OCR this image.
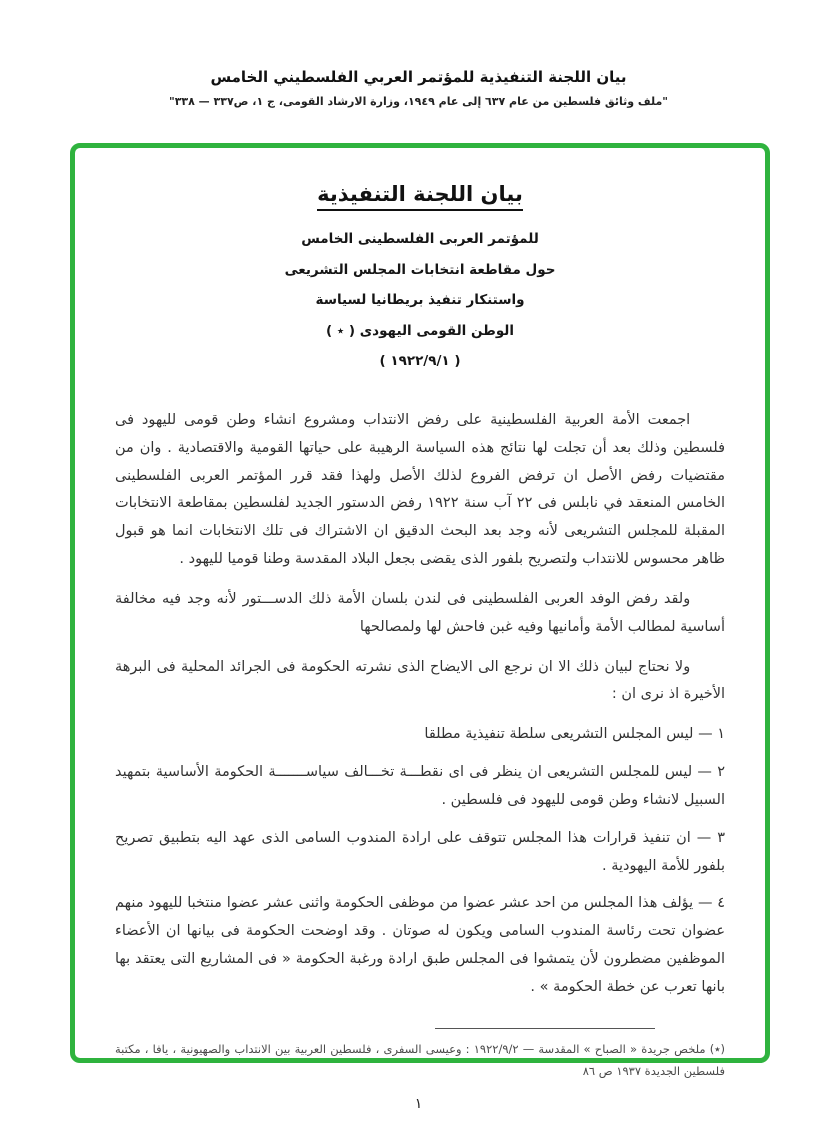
بيان اللجنة التنفيذية للمؤتمر العربي الفلسطيني الخامس
"ملف وثائق فلسطين من عام ٦٣٧ إلى عام ١٩٤٩، وزارة الارشاد القومى، ج ١، ص٣٣٧ — ٣٣٨"
بيان اللجنة التنفيذية

للمؤتمر العربى الفلسطينى الخامس

حول مقاطعة انتخابات المجلس التشريعى

واستنكار تنفيذ بريطانيا لسياسة

الوطن القومى اليهودى ( ٭ )

( ١٩٢٢/٩/١ )

اجمعت الأمة العربية الفلسطينية على رفض الانتداب ومشروع انشاء وطن قومى لليهود فى فلسطين وذلك بعد أن تجلت لها نتائج هذه السياسة الرهيبة على حياتها القومية والاقتصادية . وان من مقتضيات رفض الأصل ان ترفض الفروع لذلك الأصل ولهذا فقد قرر المؤتمر العربى الفلسطينى الخامس المنعقد في نابلس فى ٢٢ آب سنة ١٩٢٢ رفض الدستور الجديد لفلسطين بمقاطعة الانتخابات المقبلة للمجلس التشريعى لأنه وجد بعد البحث الدقيق ان الاشتراك فى تلك الانتخابات انما هو قبول ظاهر محسوس للانتداب ولتصريح بلفور الذى يقضى بجعل البلاد المقدسة وطنا قوميا لليهود .

ولقد رفض الوفد العربى الفلسطينى فى لندن بلسان الأمة ذلك الدســـتور لأنه وجد فيه مخالفة أساسية لمطالب الأمة وأمانيها وفيه غبن فاحش لها ولمصالحها

ولا نحتاج لبيان ذلك الا ان نرجع الى الايضاح الذى نشرته الحكومة فى الجرائد المحلية فى البرهة الأخيرة اذ نرى ان :

١ — ليس المجلس التشريعى سلطة تنفيذية مطلقا

٢ — ليس للمجلس التشريعى ان ينظر فى اى نقطـــة تخـــالف سياســـــــة الحكومة الأساسية بتمهيد السبيل لانشاء وطن قومى لليهود فى فلسطين .

٣ — ان تنفيذ قرارات هذا المجلس تتوقف على ارادة المندوب السامى الذى عهد اليه بتطبيق تصريح بلفور للأمة اليهودية .

٤ — يؤلف هذا المجلس من احد عشر عضوا من موظفى الحكومة واثنى عشر عضوا منتخبا لليهود منهم عضوان تحت رئاسة المندوب السامى ويكون له صوتان . وقد اوضحت الحكومة فى بيانها ان الأعضاء الموظفين مضطرون لأن يتمشوا فى المجلس طبق ارادة ورغبة الحكومة « فى المشاريع التى يعتقد بها بانها تعرب عن خطة الحكومة » .

(٭) ملخص جريدة « الصباح » المقدسة — ١٩٢٢/٩/٢ : وعيسى السفرى ، فلسطين العربية بين الانتداب والصهيونية ، يافا ، مكتبة فلسطين الجديدة ١٩٣٧ ص ٨٦

١
